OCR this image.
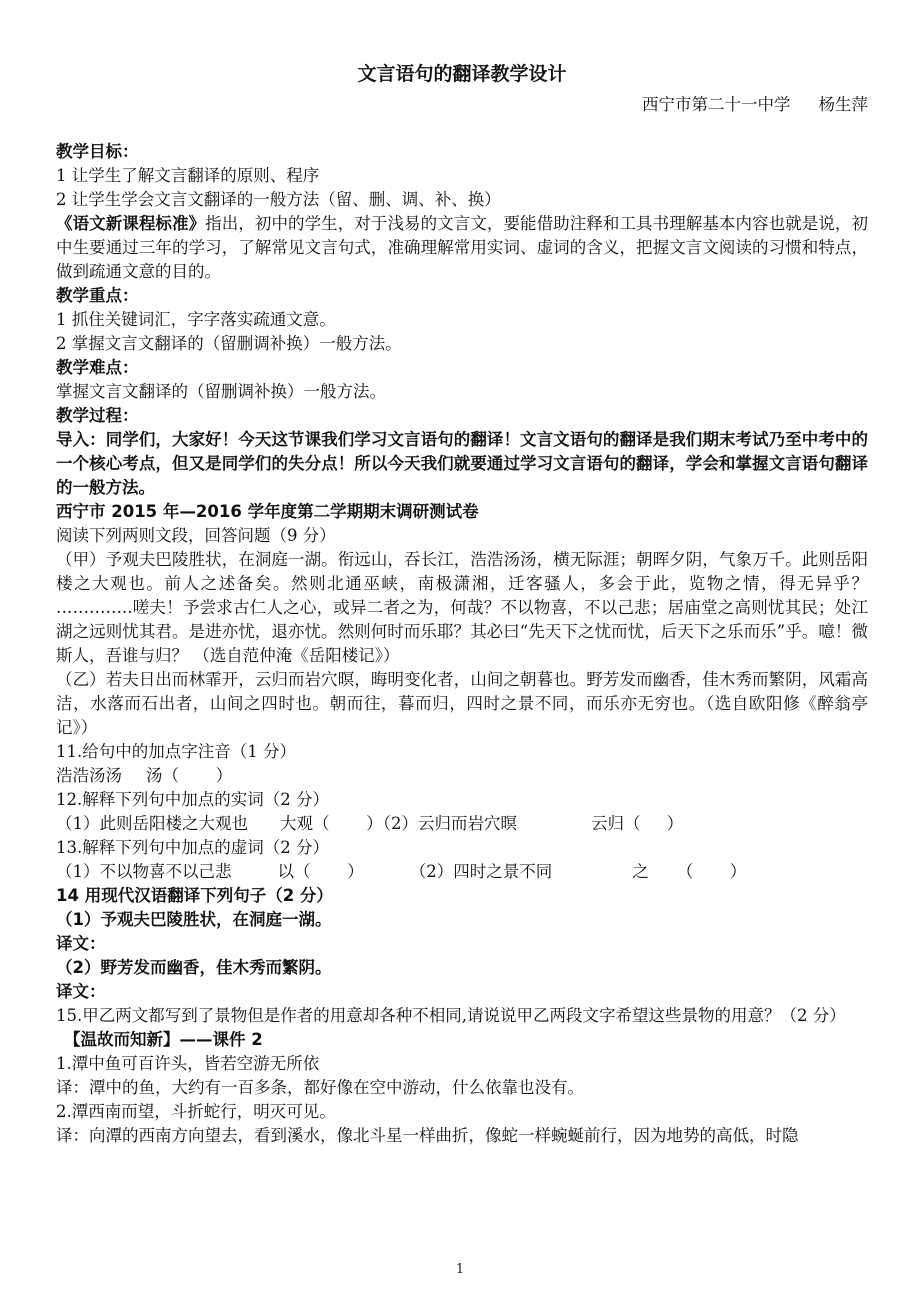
文言语句的翻译教学设计

西宁市第二十一中学 杨生萍

教学目标：

1 让学生了解文言翻译的原则、程序

2 让学生学会文言文翻译的一般方法（留、删、调、补、换）

《语文新课程标准》指出，初中的学生，对于浅易的文言文，要能借助注释和工具书理解基本内容也就是说，初中生要通过三年的学习，了解常见文言句式，准确理解常用实词、虚词的含义，把握文言文阅读的习惯和特点，做到疏通文意的目的。

教学重点：

1 抓住关键词汇，字字落实疏通文意。

2 掌握文言文翻译的（留删调补换）一般方法。

教学难点：

掌握文言文翻译的（留删调补换）一般方法。

教学过程：

导入：同学们，大家好！今天这节课我们学习文言语句的翻译！文言文语句的翻译是我们期末考试乃至中考中的一个核心考点，但又是同学们的失分点！所以今天我们就要通过学习文言语句的翻译，学会和掌握文言语句翻译的一般方法。

西宁市 2015 年—2016 学年度第二学期期末调研测试卷

阅读下列两则文段，回答问题（9 分）

（甲）予观夫巴陵胜状，在洞庭一湖。衔远山，吞长江，浩浩汤汤，横无际涯；朝晖夕阴，气象万千。此则岳阳楼之大观也。前人之述备矣。然则北通巫峡，南极潇湘，迁客骚人，多会于此，览物之情，得无异乎？ …………..嗟夫！予尝求古仁人之心，或异二者之为，何哉？不以物喜，不以己悲；居庙堂之高则忧其民；处江湖之远则忧其君。是进亦忧，退亦忧。然则何时而乐耶？其必曰“先天下之忧而忧，后天下之乐而乐”乎。噫！微斯人，吾谁与归？ （选自范仲淹《岳阳楼记》）

（乙）若夫日出而林霏开，云归而岩穴暝，晦明变化者，山间之朝暮也。野芳发而幽香，佳木秀而繁阴，风霜高洁，水落而石出者，山间之四时也。朝而往，暮而归，四时之景不同，而乐亦无穷也。（选自欧阳修《醉翁亭记》）

11.给句中的加点字注音（1 分）

浩浩汤汤 汤（       ）

12.解释下列句中加点的实词（2 分）

（1）此则岳阳楼之大观也 大观（       ）（2）云归而岩穴暝	云归（     ）

13.解释下列句中加点的虚词（2 分）

（1）不以物喜不以己悲	以（       ）	（2）四时之景不同	之 （       ）

14 用现代汉语翻译下列句子（2 分）

（1）予观夫巴陵胜状，在洞庭一湖。

译文：

（2）野芳发而幽香，佳木秀而繁阴。

译文：

15.甲乙两文都写到了景物但是作者的用意却各种不相同,请说说甲乙两段文字希望这些景物的用意？（2 分）

【温故而知新】——课件 2

1.潭中鱼可百许头，皆若空游无所依

译：潭中的鱼，大约有一百多条，都好像在空中游动，什么依靠也没有。

2.潭西南而望，斗折蛇行，明灭可见。

译：向潭的西南方向望去，看到溪水，像北斗星一样曲折，像蛇一样蜿蜒前行，因为地势的高低，时隐

1
